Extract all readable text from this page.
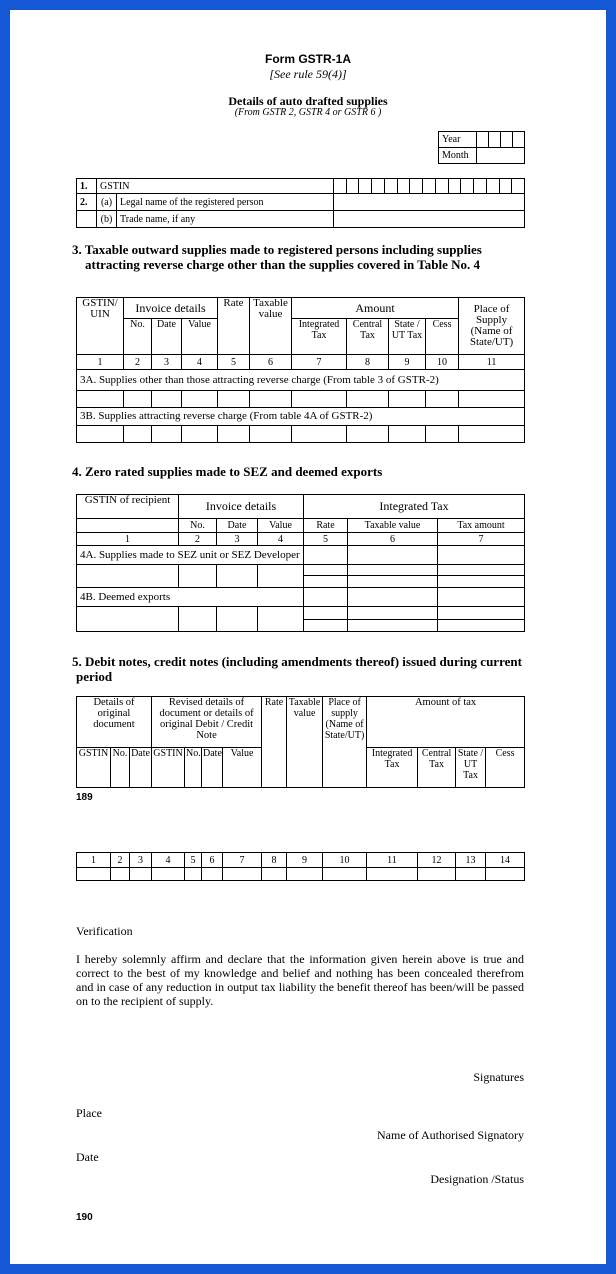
Form GSTR-1A
[See rule 59(4)]
Details of auto drafted supplies
(From GSTR 2, GSTR 4 or GSTR 6 )
Year				
Month				
1.	GSTIN		

2.	(a)	Legal name of the registered person	
	(b)	Trade name, if any	
3. Taxable outward supplies made to registered persons including supplies
attracting reverse charge other than the supplies covered in Table No. 4
GSTIN/ UIN	Invoice details			Rate	Taxable value	Amount				Place of Supply (Name of State/UT)
	No.	Date	Value			Integrated Tax	Central Tax	State / UT Tax	Cess	
1	2	3	4	5	6	7	8	9	10	11
3A. Supplies other than those attracting reverse charge (From table 3 of GSTR-2)										

3B. Supplies attracting reverse charge (From table 4A of GSTR-2)										

4. Zero rated supplies made to SEZ and deemed exports
GSTIN of recipient	Invoice details			Integrated Tax		
	No.	Date	Value	Rate	Taxable value	Tax amount
1	2	3	4	5	6	7
4A. Supplies made to SEZ unit or SEZ Developer						

4B. Deemed exports						

5. Debit notes, credit notes (including amendments thereof) issued during current
period
Details of original document			Revised details of document or details of original Debit / Credit Note				Rate	Taxable value	Place of supply (Name of State/UT)	Amount of tax			
GSTIN	No.	Date	GSTIN	No.	Date	Value				Integrated Tax	Central Tax	State / UT Tax	Cess
189
1	2	3	4	5	6	7	8	9	10	11	12	13	14

Verification
I hereby solemnly affirm and declare that the information given herein above is true and correct to the best of my knowledge and belief and nothing has been concealed therefrom and in case of any reduction in output tax liability the benefit thereof has been/will be passed on to the recipient of supply.
Signatures
Place
Name of Authorised Signatory
Date
Designation /Status
190
